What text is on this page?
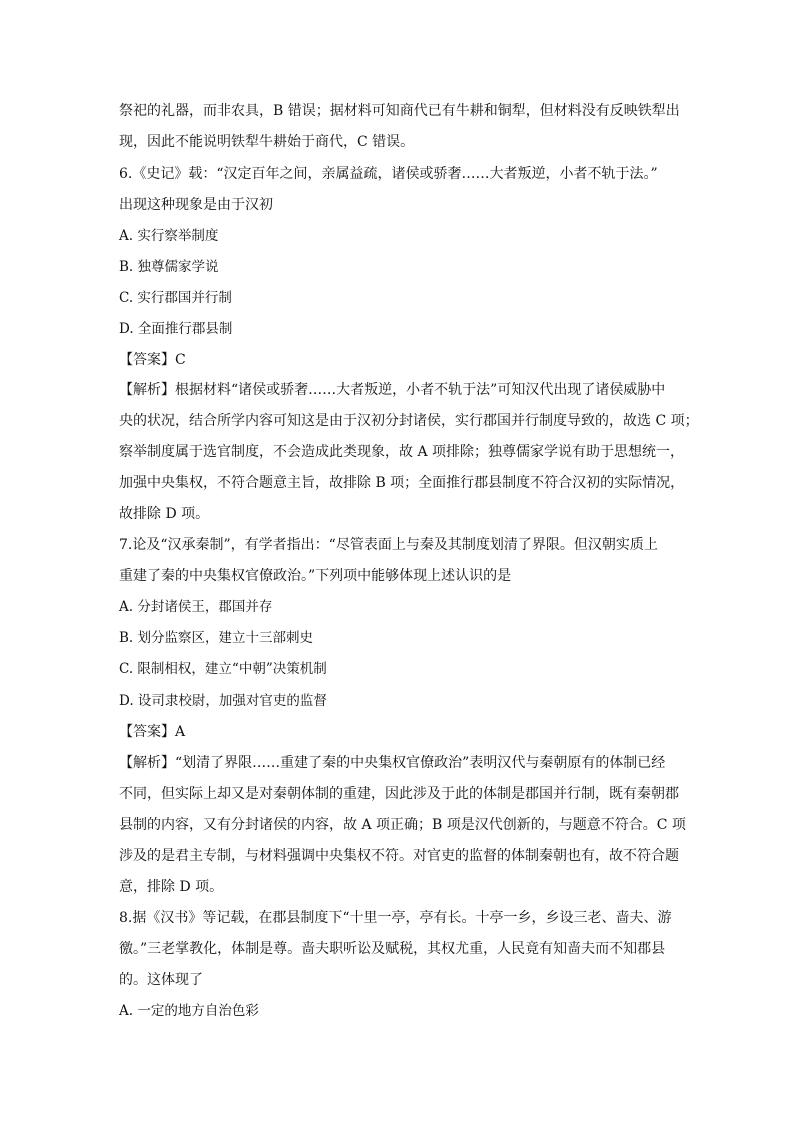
祭祀的礼器，而非农具，B 错误；据材料可知商代已有牛耕和铜犁，但材料没有反映铁犁出
现，因此不能说明铁犁牛耕始于商代，C 错误。
6.《史记》载：“汉定百年之间，亲属益疏，诸侯或骄奢……大者叛逆，小者不轨于法。”
出现这种现象是由于汉初
A. 实行察举制度
B. 独尊儒家学说
C. 实行郡国并行制
D. 全面推行郡县制
【答案】C
【解析】根据材料“诸侯或骄奢……大者叛逆，小者不轨于法”可知汉代出现了诸侯威胁中
央的状况，结合所学内容可知这是由于汉初分封诸侯，实行郡国并行制度导致的，故选 C 项；
察举制度属于选官制度，不会造成此类现象，故 A 项排除；独尊儒家学说有助于思想统一，
加强中央集权，不符合题意主旨，故排除 B 项；全面推行郡县制度不符合汉初的实际情况，
故排除 D 项。
7.论及“汉承秦制”，有学者指出：“尽管表面上与秦及其制度划清了界限。但汉朝实质上
重建了秦的中央集权官僚政治。”下列项中能够体现上述认识的是
A. 分封诸侯王，郡国并存
B. 划分监察区，建立十三部刺史
C. 限制相权，建立“中朝”决策机制
D. 设司隶校尉，加强对官吏的监督
【答案】A
【解析】“划清了界限……重建了秦的中央集权官僚政治”表明汉代与秦朝原有的体制已经
不同，但实际上却又是对秦朝体制的重建，因此涉及于此的体制是郡国并行制，既有秦朝郡
县制的内容，又有分封诸侯的内容，故 A 项正确；B 项是汉代创新的，与题意不符合。C 项
涉及的是君主专制，与材料强调中央集权不符。对官吏的监督的体制秦朝也有，故不符合题
意，排除 D 项。
8.据《汉书》等记载，在郡县制度下“十里一亭，亭有长。十亭一乡，乡设三老、啬夫、游
徼。”三老掌教化，体制是尊。啬夫职听讼及赋税，其权尤重，人民竟有知啬夫而不知郡县
的。这体现了
A. 一定的地方自治色彩
